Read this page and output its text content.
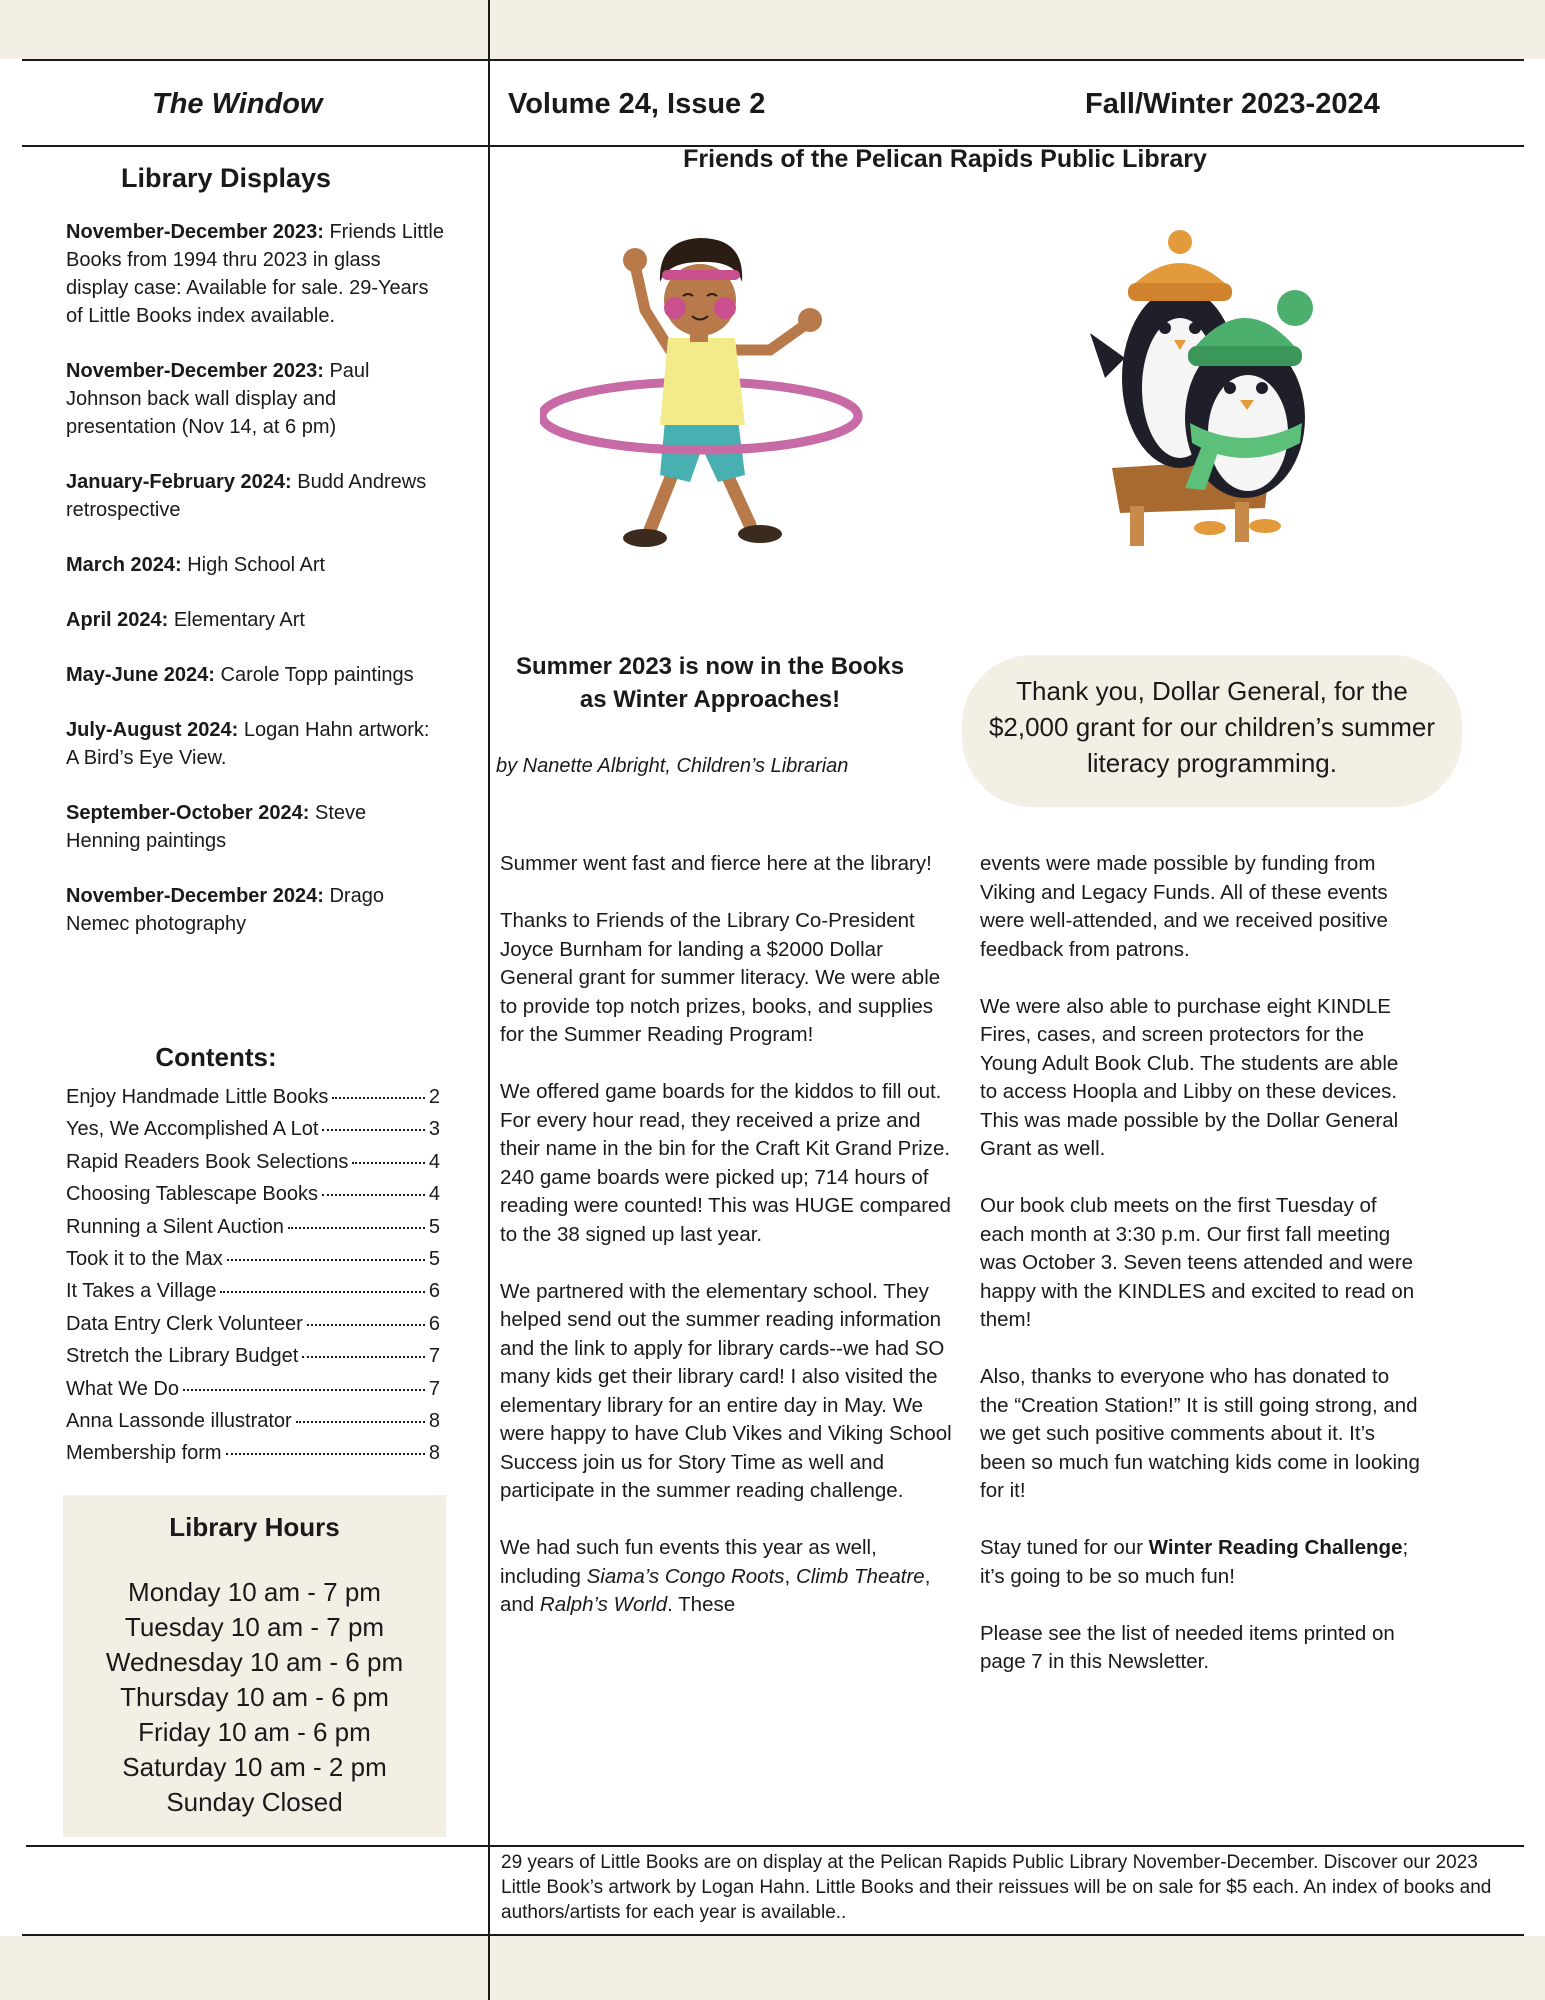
The Window	Volume 24, Issue 2	Fall/Winter 2023-2024
Friends of the Pelican Rapids Public Library
Library Displays
November-December 2023: Friends Little Books from 1994 thru 2023 in glass display case: Available for sale. 29-Years of Little Books index available.
November-December 2023: Paul Johnson back wall display and presentation (Nov 14, at 6 pm)
January-February 2024: Budd Andrews retrospective
March 2024: High School Art
April 2024: Elementary Art
May-June 2024: Carole Topp paintings
July-August 2024: Logan Hahn artwork: A Bird’s Eye View.
September-October 2024: Steve Henning paintings
November-December 2024: Drago Nemec photography
Contents:
Enjoy Handmade Little Books	2
Yes, We Accomplished A Lot	3
Rapid Readers Book Selections	4
Choosing Tablescape Books	4
Running a Silent Auction	5
Took it to the Max	5
It Takes a Village	6
Data Entry Clerk Volunteer	6
Stretch the Library Budget	7
What We Do	7
Anna Lassonde illustrator	8
Membership form	8
Library Hours
Monday 10 am - 7 pm
Tuesday 10 am - 7 pm
Wednesday 10 am - 6 pm
Thursday 10 am - 6 pm
Friday 10 am - 6 pm
Saturday 10 am - 2 pm
Sunday Closed
Summer 2023 is now in the Books
as Winter Approaches!
by Nanette Albright, Children’s Librarian
Thank you, Dollar General, for the $2,000 grant for our children’s summer literacy programming.

Summer went fast and fierce here at the library!

Thanks to Friends of the Library Co-President Joyce Burnham for landing a $2000 Dollar General grant for summer literacy. We were able to provide top notch prizes, books, and supplies for the Summer Reading Program!

We offered game boards for the kiddos to fill out. For every hour read, they received a prize and their name in the bin for the Craft Kit Grand Prize. 240 game boards were picked up; 714 hours of reading were counted! This was HUGE compared to the 38 signed up last year.

We partnered with the elementary school. They helped send out the summer reading information and the link to apply for library cards--we had SO many kids get their library card! I also visited the elementary library for an entire day in May. We were happy to have Club Vikes and Viking School Success join us for Story Time as well and participate in the summer reading challenge.

We had such fun events this year as well, including Siama’s Congo Roots, Climb Theatre, and Ralph’s World. These

events were made possible by funding from Viking and Legacy Funds. All of these events were well-attended, and we received positive feedback from patrons.

We were also able to purchase eight KINDLE Fires, cases, and screen protectors for the Young Adult Book Club. The students are able to access Hoopla and Libby on these devices. This was made possible by the Dollar General Grant as well.

Our book club meets on the first Tuesday of each month at 3:30 p.m. Our first fall meeting was October 3. Seven teens attended and were happy with the KINDLES and excited to read on them!

Also, thanks to everyone who has donated to the “Creation Station!” It is still going strong, and we get such positive comments about it. It’s been so much fun watching kids come in looking for it!

Stay tuned for our Winter Reading Challenge; it’s going to be so much fun!

Please see the list of needed items printed on page 7 in this Newsletter.

29 years of Little Books are on display at the Pelican Rapids Public Library November-December. Discover our 2023 Little Book’s artwork by Logan Hahn. Little Books and their reissues will be on sale for $5 each. An index of books and authors/artists for each year is available..
